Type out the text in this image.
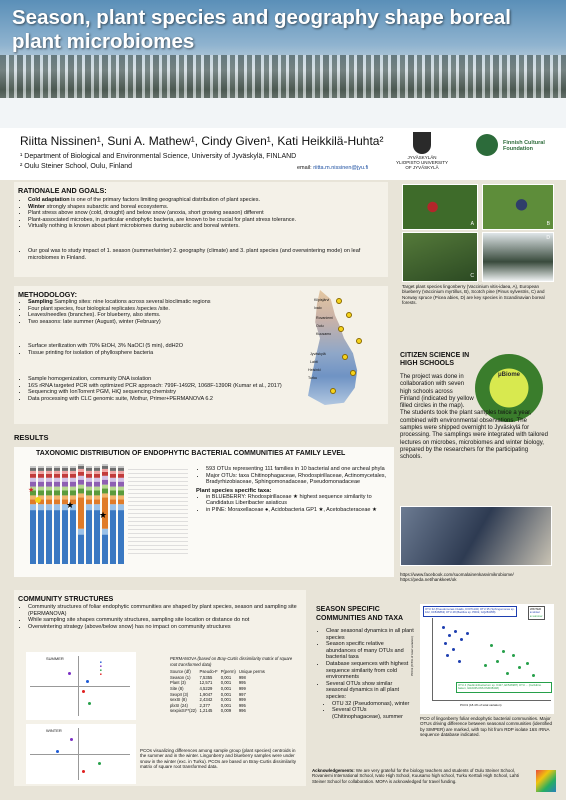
Season, plant species and geography shape boreal plant microbiomes
Riitta Nissinen¹, Suni A. Mathew¹, Cindy Given¹, Kati Heikkilä-Huhta²
¹ Department of Biological and Environmental Science, University of Jyväskylä, FINLAND
² Oulu Steiner School, Oulu, Finland	email: riitta.m.nissinen@jyu.fi
JYVÄSKYLÄN YLIOPISTO UNIVERSITY OF JYVÄSKYLÄ
Finnish Cultural Foundation
RATIONALE AND GOALS:
• Cold adaptation is one of the primary factors limiting geographical distribution of plant species.
• Winter strongly shapes subarctic and boreal ecosystems.
• Plant stress above snow (cold, drought) and below snow (anoxia, short growing season) different
• Plant-associated microbes, in particular endophytic bacteria, are known to be crucial for plant stress tolerance.
• Virtually nothing is known about plant microbiomes during subarctic and boreal winters.
• Our goal was to study impact of 1. season (summer/winter) 2. geography (climate) and 3. plant species (and overwintering mode) on leaf microbiomes in Finland.
A	B
C
D
Target plant species lingonberry (Vaccinium vitis-idaea, A), European blueberry (Vaccinium myrtillus, B), Scotch pine (Pinus sylvestris, C) and Norway spruce (Picea abies, D) are key species in Scandinavian boreal forests.
METHODOLOGY:
• Sampling Sampling sites: nine locations across several bioclimatic regions
• Four plant species, four biological replicates /species /site.
• Leaves/needles (branches). For blueberry, also stems.
• Two seasons: late summer (August), winter (February)
• Surface sterilization with 70% EtOH, 3% NaOCl (5 min), ddH2O
• Tissue printing for isolation of phyllosphere bacteria
• Sample homogenization, community DNA isolation
• 16S rRNA targeted PCR with optimized PCR approach: 799F-1492R, 1068F-1390R (Kumar et al., 2017)
• Sequencing with IonTorrent PGM, HiQ sequencing chemistry
• Data processing with CLC genomic suite, Mothur, Primer+PERMANOVA 6.2
Kilpisjärvi
Ivalo
Rovaniemi
Oulu
Kuusamo
Jyväskylä
Lahti
Helsinki
Turku
CITIZEN SCIENCE IN HIGH SCHOOLS
μBiome
The project was done in collaboration with seven high schools across Finland (indicated by yellow filled circles in the map). The students took the plant samples twice a year, combined with environmental observations. The samples were shipped overnight to Jyväskylä for processing. The samplings were integrated with tailored lectures on microbes, microbiomes and winter biology, prepared by the researchers for the participating schools.
https://www.facebook.com/suomalainenkasvimikrobiome/ https://peda.net/hankkeet/ok
RESULTS
TAXONOMIC DISTRIBUTION OF ENDOPHYTIC BACTERIAL COMMUNITIES AT FAMILY LEVEL
★
★
★
• 593 OTUs representing 111 families in 10 bacterial and one archeal phyla
• Major OTUs: taxa Chitinophagaceae, Rhodospirillaceae, Actinomycetales, Bradyrhizobiaceae, Sphingomonadaceae, Pseudomonadaceae
Plant species specific taxa:
• in BLUEBERRY: Rhodospirillaceae ★ highest sequence similarity to Candidatus Liberibacter asiaticus
• in PINE: Moraxellaceae ●, Acidobacteria GP1 ★, Acetobacteraceae ★
COMMUNITY STRUCTURES
• Community structures of foliar endophytic communities are shaped by plant species, season and sampling site (PERMANOVA)
• While sampling site shapes community structures, sampling site location or distance do not
• Overwintering strategy (above/below snow) has no impact on community structures
SUMMER
■
■
■
■
WINTER
PERMANOVA (based on Bray-Curtis dissimilarity matrix of square root transformed data)
Source (df)	Pseudo-F	P(perm)	Unique perms
Season (1)	7,5355	0,001	998
Plant (3)	12,571	0,001	995
Site (8)	4,5229	0,001	999
SexpII (3)	1,9047	0,001	997
sexSI (8)	2,4342	0,001	999
plxSI (24)	2,377	0,001	995
sexpixSI**(22)	1,2145	0,009	996
PCOs visualizing differences among sample group (plant species) centroids in the summer and in the winter. Lingonberry and blueberry samples were under snow in the winter (exc. in Turku). PCOs are based on Bray-Curtis dissimilarity matrix of square root transformed data.
SEASON SPECIFIC COMMUNITIES AND TAXA
• Clear seasonal dynamics in all plant species
• Season specific relative abundances of many OTUs and bacterial taxa
• Database sequences with highest sequence similarity from cold environments
• Several OTUs show similar seasonal dynamics in all plant species:
• OTU 32 (Pseudomonas), winter
• Several OTUs (Chitinophagaceae), summer
OTU 32 (Pseudomonas trivialis, KX071132) OTU 35 (Sphingomonas sp. 102, KF846863) OTU 48 (Bacillus sp. PR02, GQ284358)
WINTER
● winter
● summer
OTU 4 (Sediminibacterium sp. K427, EF526987) OTU ... (Cellvibrio bakeri, GRA0PL0NS KM038448)
PCO1 (18.4% of total variation)
PCO2 (8.5% of total variation)
PCO of lingonberry foliar endophytic bacterial communities. Major OTUs driving difference between seasonal communities (identified by SIMPER) are marked, with top hit from RDP isolate 16S rRNA sequence database indicated.
Acknowledgements: We are very grateful for the biology teachers and students of Oulu Steiner School, Rovaniemi International School, Ivalo High School, Kuusamo high school, Turku Kerttuli High School, Lahti Steiner School for collaboration. MOFA is acknowledged for travel funding.
